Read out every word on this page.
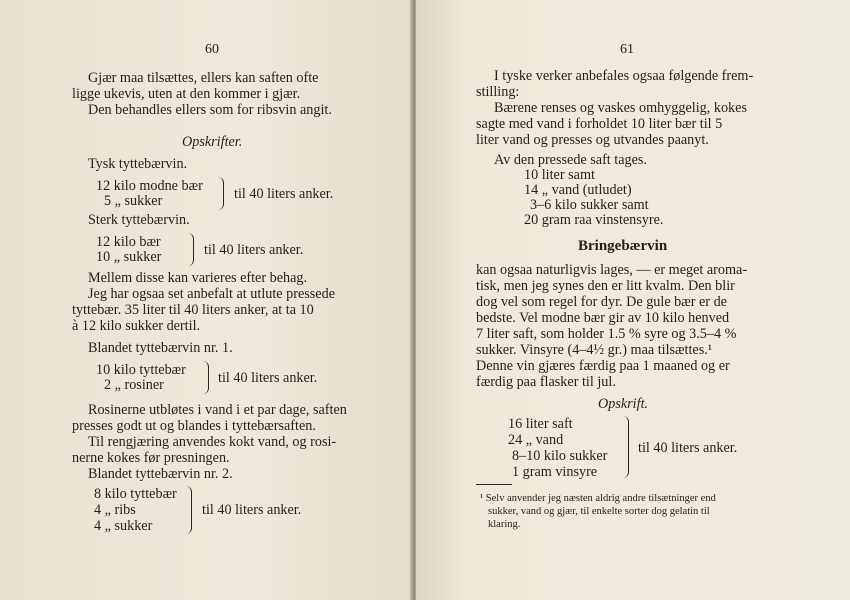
60
Gjær maa tilsættes, ellers kan saften ofte
ligge ukevis, uten at den kommer i gjær.
Den behandles ellers som for ribsvin angit.
Opskrifter.
Tysk tyttebærvin.
12 kilo modne bær
5 „ sukker	til 40 liters anker.
Sterk tyttebærvin.
12 kilo bær
10 „ sukker	til 40 liters anker.
Mellem disse kan varieres efter behag.
Jeg har ogsaa set anbefalt at utlute pressede
tyttebær. 35 liter til 40 liters anker, at ta 10
à 12 kilo sukker dertil.
Blandet tyttebærvin nr. 1.
10 kilo tyttebær
2 „ rosiner	til 40 liters anker.
Rosinerne utbløtes i vand i et par dage, saften
presses godt ut og blandes i tyttebærsaften.
Til rengjæring anvendes kokt vand, og rosi-
nerne kokes før presningen.
Blandet tyttebærvin nr. 2.
8 kilo tyttebær
4 „ ribs
4 „ sukker
til 40 liters anker.
61
I tyske verker anbefales ogsaa følgende frem-
stilling:
Bærene renses og vaskes omhyggelig, kokes
sagte med vand i forholdet 10 liter bær til 5
liter vand og presses og utvandes paanyt.
Av den pressede saft tages.
10 liter samt
14 „ vand (utludet)
3–6 kilo sukker samt
20 gram raa vinstensyre.
Bringebærvin
kan ogsaa naturligvis lages, — er meget aroma-
tisk, men jeg synes den er litt kvalm. Den blir
dog vel som regel for dyr. De gule bær er de
bedste. Vel modne bær gir av 10 kilo henved
7 liter saft, som holder 1.5 % syre og 3.5–4 %
sukker. Vinsyre (4–4½ gr.) maa tilsættes.¹
Denne vin gjæres færdig paa 1 maaned og er
færdig paa flasker til jul.
Opskrift.
16 liter saft
24 „ vand
8–10 kilo sukker
1 gram vinsyre
til 40 liters anker.
¹ Selv anvender jeg næsten aldrig andre tilsætninger end
sukker, vand og gjær, til enkelte sorter dog gelatin til
klaring.
